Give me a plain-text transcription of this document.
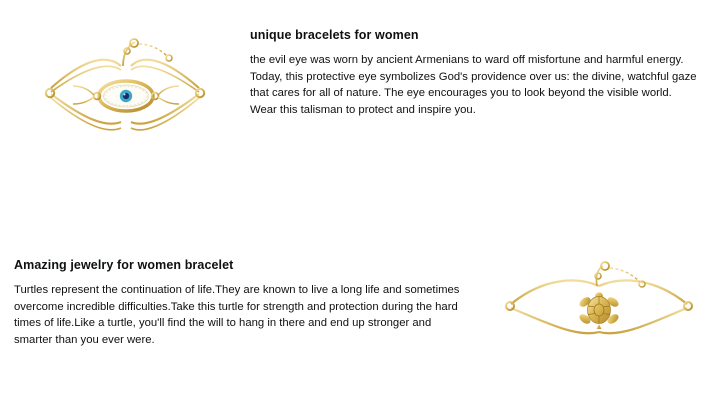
unique bracelets for women

the evil eye was worn by ancient Armenians to ward off misfortune and harmful energy. Today, this protective eye symbolizes God's providence over us: the divine, watchful gaze that cares for all of nature. The eye encourages you to look beyond the visible world. Wear this talisman to protect and inspire you.

Amazing jewelry for women bracelet

Turtles represent the continuation of life.They are known to live a long life and sometimes overcome incredible difficulties.Take this turtle for strength and protection during the hard times of life.Like a turtle, you'll find the will to hang in there and end up stronger and smarter than you ever were.
